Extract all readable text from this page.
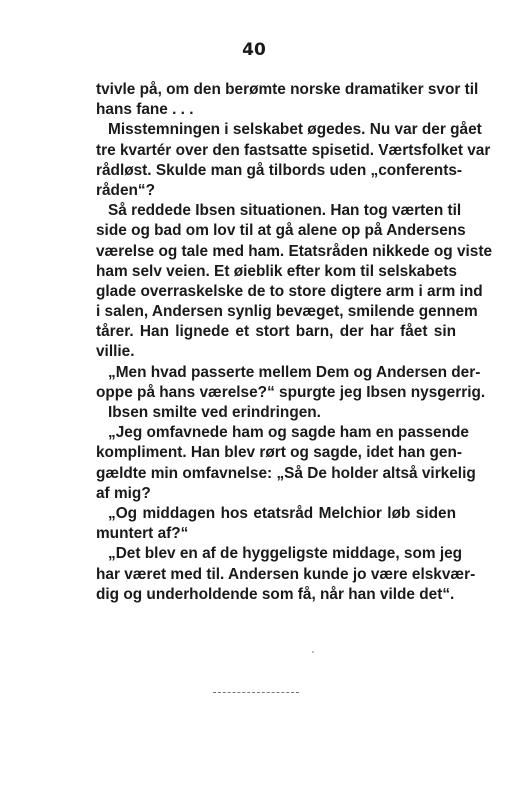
40
tvivle på, om den berømte norske dramatiker svor til
hans fane . . .
Misstemningen i selskabet øgedes. Nu var der gået
tre kvartér over den fastsatte spisetid. Værtsfolket var
rådløst. Skulde man gå tilbords uden „conferents-
råden“?
Så reddede Ibsen situationen. Han tog værten til
side og bad om lov til at gå alene op på Andersens
værelse og tale med ham. Etatsråden nikkede og viste
ham selv veien. Et øieblik efter kom til selskabets
glade overraskelske de to store digtere arm i arm ind
i salen, Andersen synlig bevæget, smilende gennem
tårer. Han lignede et stort barn, der har fået sin
villie.
„Men hvad passerte mellem Dem og Andersen der-
oppe på hans værelse?“ spurgte jeg Ibsen nysgerrig.
Ibsen smilte ved erindringen.
„Jeg omfavnede ham og sagde ham en passende
kompliment. Han blev rørt og sagde, idet han gen-
gældte min omfavnelse: „Så De holder altså virkelig
af mig?
„Og middagen hos etatsråd Melchior løb siden
muntert af?“
„Det blev en af de hyggeligste middage, som jeg
har været med til. Andersen kunde jo være elskvær-
dig og underholdende som få, når han vilde det“.
